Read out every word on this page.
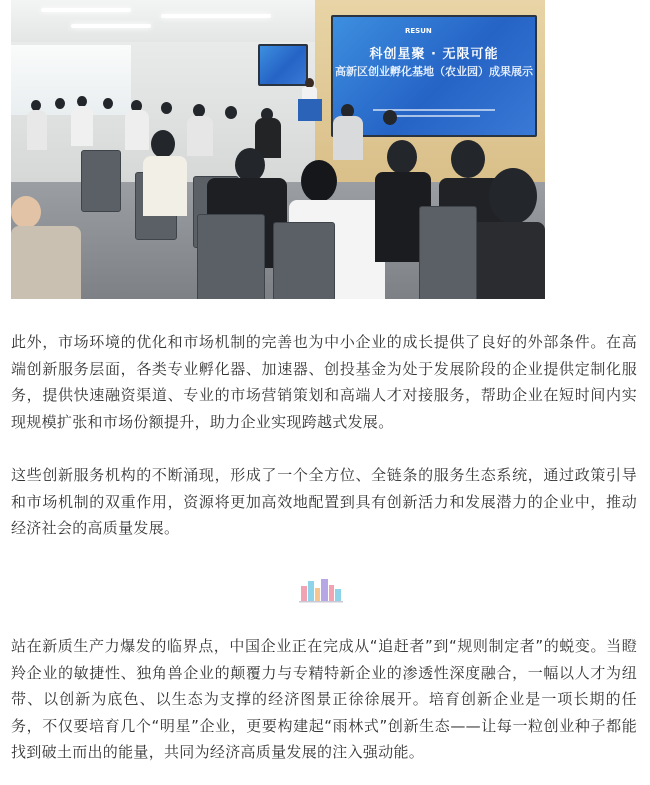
RESUN
科创星聚 · 无限可能
高新区创业孵化基地（农业园）成果展示

此外，市场环境的优化和市场机制的完善也为中小企业的成长提供了良好的外部条件。在高端创新服务层面，各类专业孵化器、加速器、创投基金为处于发展阶段的企业提供定制化服务，提供快速融资渠道、专业的市场营销策划和高端人才对接服务，帮助企业在短时间内实现规模扩张和市场份额提升，助力企业实现跨越式发展。

这些创新服务机构的不断涌现，形成了一个全方位、全链条的服务生态系统，通过政策引导和市场机制的双重作用，资源将更加高效地配置到具有创新活力和发展潜力的企业中，推动经济社会的高质量发展。

站在新质生产力爆发的临界点，中国企业正在完成从“追赶者”到“规则制定者”的蜕变。当瞪羚企业的敏捷性、独角兽企业的颠覆力与专精特新企业的渗透性深度融合，一幅以人才为纽带、以创新为底色、以生态为支撑的经济图景正徐徐展开。培育创新企业是一项长期的任务，不仅要培育几个“明星”企业，更要构建起“雨林式”创新生态——让每一粒创业种子都能找到破土而出的能量，共同为经济高质量发展的注入强动能。
